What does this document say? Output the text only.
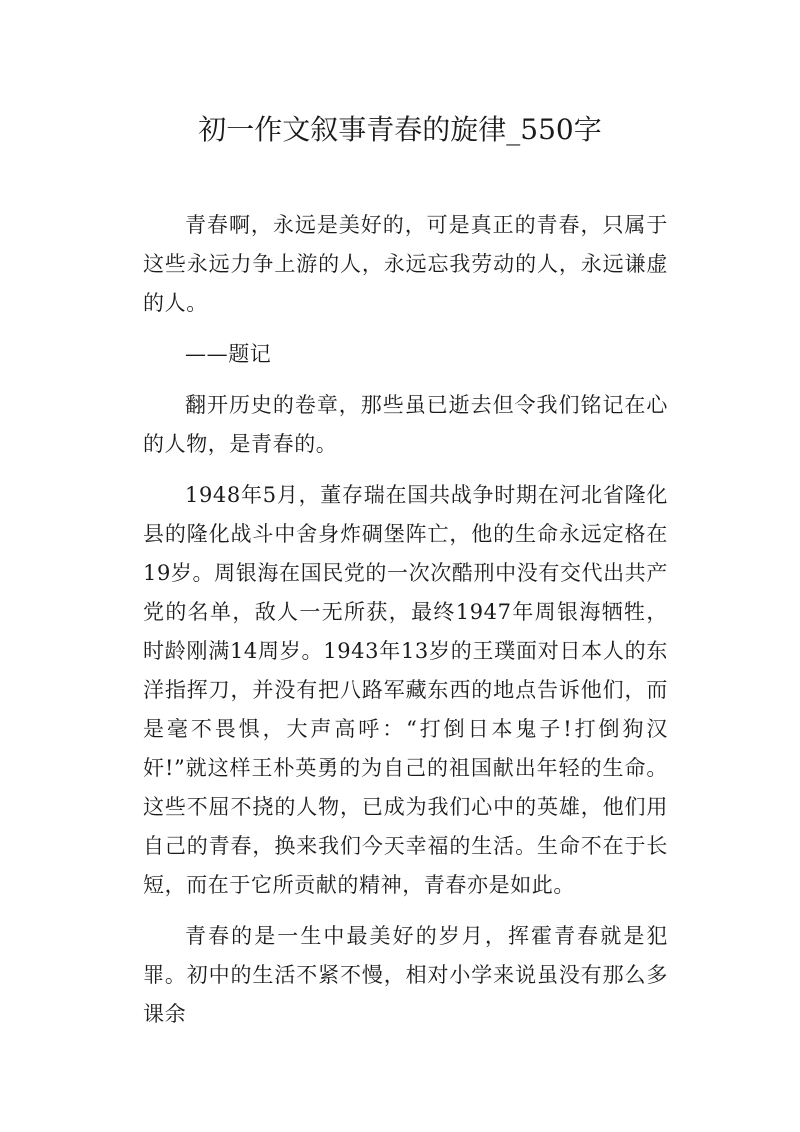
初一作文叙事青春的旋律_550字

青春啊，永远是美好的，可是真正的青春，只属于这些永远力争上游的人，永远忘我劳动的人，永远谦虚的人。

——题记

翻开历史的卷章，那些虽已逝去但令我们铭记在心的人物，是青春的。

1948年5月，董存瑞在国共战争时期在河北省隆化县的隆化战斗中舍身炸碉堡阵亡，他的生命永远定格在19岁。周银海在国民党的一次次酷刑中没有交代出共产党的名单，敌人一无所获，最终1947年周银海牺牲，时龄刚满14周岁。1943年13岁的王璞面对日本人的东洋指挥刀，并没有把八路军藏东西的地点告诉他们，而是毫不畏惧，大声高呼：“打倒日本鬼子!打倒狗汉奸!”就这样王朴英勇的为自己的祖国献出年轻的生命。这些不屈不挠的人物，已成为我们心中的英雄，他们用自己的青春，换来我们今天幸福的生活。生命不在于长短，而在于它所贡献的精神，青春亦是如此。

青春的是一生中最美好的岁月，挥霍青春就是犯罪。初中的生活不紧不慢，相对小学来说虽没有那么多课余
